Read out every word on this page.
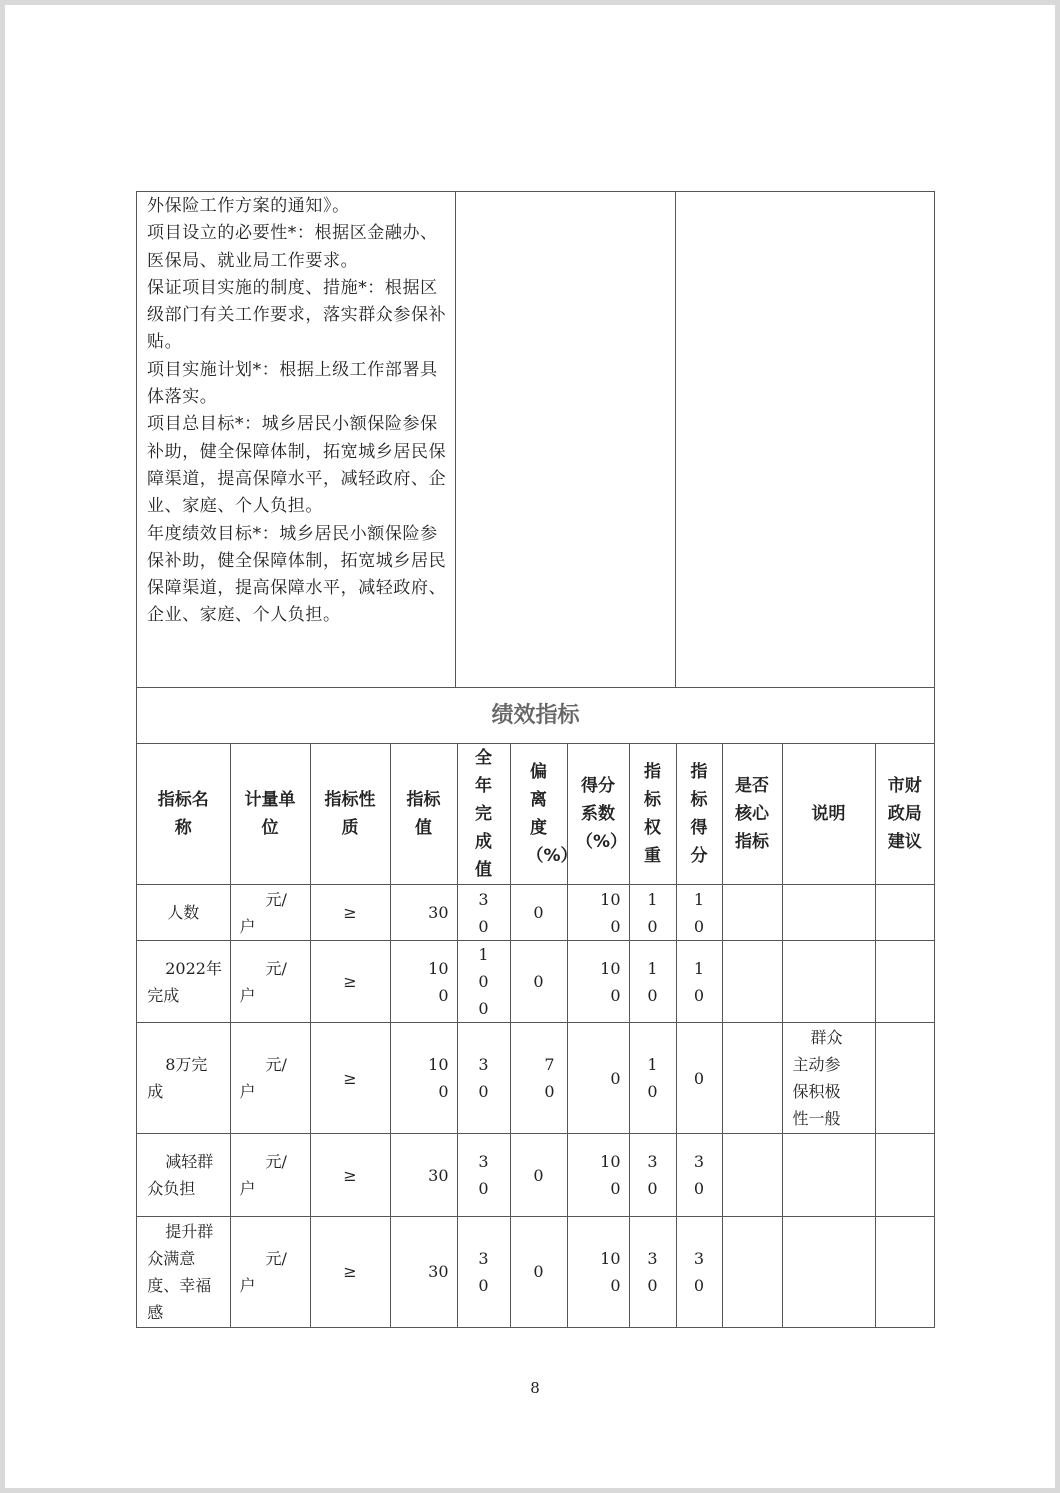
外保险工作方案的通知》。

项目设立的必要性*：根据区金融办、医保局、就业局工作要求。

保证项目实施的制度、措施*：根据区级部门有关工作要求，落实群众参保补贴。

项目实施计划*：根据上级工作部署具体落实。

项目总目标*：城乡居民小额保险参保补助，健全保障体制，拓宽城乡居民保障渠道，提高保障水平，减轻政府、企业、家庭、个人负担。

年度绩效目标*：城乡居民小额保险参保补助，健全保障体制，拓宽城乡居民保障渠道，提高保障水平，减轻政府、企业、家庭、个人负担。

绩效指标
指标名称	计量单位	指标性质	指标值	全年完成值	偏离度（%）	得分系数（%）	指标权重	指标得分	是否核心指标	说明	市财政局建议
人数	元/户	≥	30	30	0	100	10	10			
2022年完成	元/户	≥	100	100	0	100	10	10			
8万完成	元/户	≥	100	30	70	0	10	0		群众主动参保积极性一般	
减轻群众负担	元/户	≥	30	30	0	100	30	30			
提升群众满意度、幸福感	元/户	≥	30	30	0	100	30	30			
8
